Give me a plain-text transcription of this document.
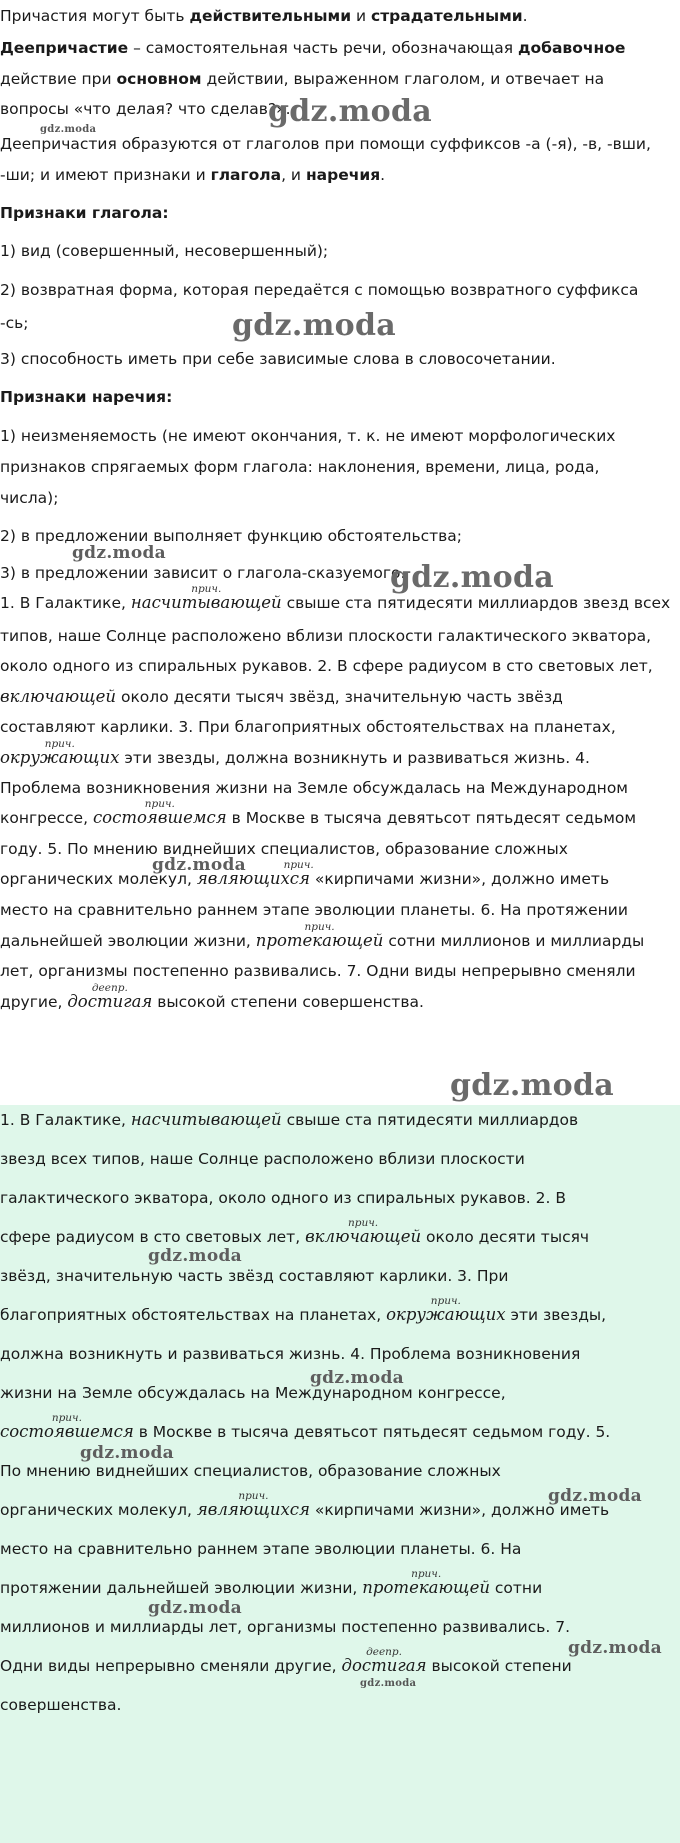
Причастия могут быть действительными и страдательными.
Деепричастие – самостоятельная часть речи, обозначающая добавочное
действие при основном действии, выраженном глаголом, и отвечает на
вопросы «что делая? что сделав?».
Деепричастия образуются от глаголов при помощи суффиксов -а (-я), -в, -вши,
-ши; и имеют признаки и глагола, и наречия.
Признаки глагола:
1) вид (совершенный, несовершенный);
2) возвратная форма, которая передаётся с помощью возвратного суффикса
-сь;
3) способность иметь при себе зависимые слова в словосочетании.
Признаки наречия:
1) неизменяемость (не имеют окончания, т. к. не имеют морфологических
признаков спрягаемых форм глагола: наклонения, времени, лица, рода,
числа);
2) в предложении выполняет функцию обстоятельства;
3) в предложении зависит о глагола-сказуемого.
1. В Галактике,
прич.
насчитывающей свыше ста пятидесяти миллиардов звезд всех
типов, наше Солнце расположено вблизи плоскости галактического экватора,
около одного из спиральных рукавов. 2. В сфере радиусом в сто световых лет,
включающей около десяти тысяч звёзд, значительную часть звёзд
составляют карлики. 3. При благоприятных обстоятельствах на планетах,
прич.
окружающих эти звезды, должна возникнуть и развиваться жизнь. 4.
Проблема возникновения жизни на Земле обсуждалась на Международном
конгрессе,
прич.
состоявшемся в Москве в тысяча девятьсот пятьдесят седьмом
году. 5. По мнению виднейших специалистов, образование сложных
органических молекул,
прич.
являющихся «кирпичами жизни», должно иметь
место на сравнительно раннем этапе эволюции планеты. 6. На протяжении
дальнейшей эволюции жизни,
прич.
протекающей сотни миллионов и миллиарды
лет, организмы постепенно развивались. 7. Одни виды непрерывно сменяли
другие,
деепр.
достигая высокой степени совершенства.
1. В Галактике, насчитывающей свыше ста пятидесяти миллиардов
звезд всех типов, наше Солнце расположено вблизи плоскости
галактического экватора, около одного из спиральных рукавов. 2. В
сфере радиусом в сто световых лет,
прич.
включающей около десяти тысяч
звёзд, значительную часть звёзд составляют карлики. 3. При
благоприятных обстоятельствах на планетах,
прич.
окружающих эти звезды,
должна возникнуть и развиваться жизнь. 4. Проблема возникновения
жизни на Земле обсуждалась на Международном конгрессе,
прич.
состоявшемся в Москве в тысяча девятьсот пятьдесят седьмом году. 5.
По мнению виднейших специалистов, образование сложных
органических молекул,
прич.
являющихся «кирпичами жизни», должно иметь
место на сравнительно раннем этапе эволюции планеты. 6. На
протяжении дальнейшей эволюции жизни,
прич.
протекающей сотни
миллионов и миллиарды лет, организмы постепенно развивались. 7.
Одни виды непрерывно сменяли другие,
деепр.
достигая высокой степени
совершенства.
gdz.moda
gdz.moda
gdz.moda
gdz.moda
gdz.moda
gdz.moda
gdz.moda
gdz.moda
gdz.moda
gdz.moda
gdz.moda
gdz.moda
gdz.moda
gdz.moda
